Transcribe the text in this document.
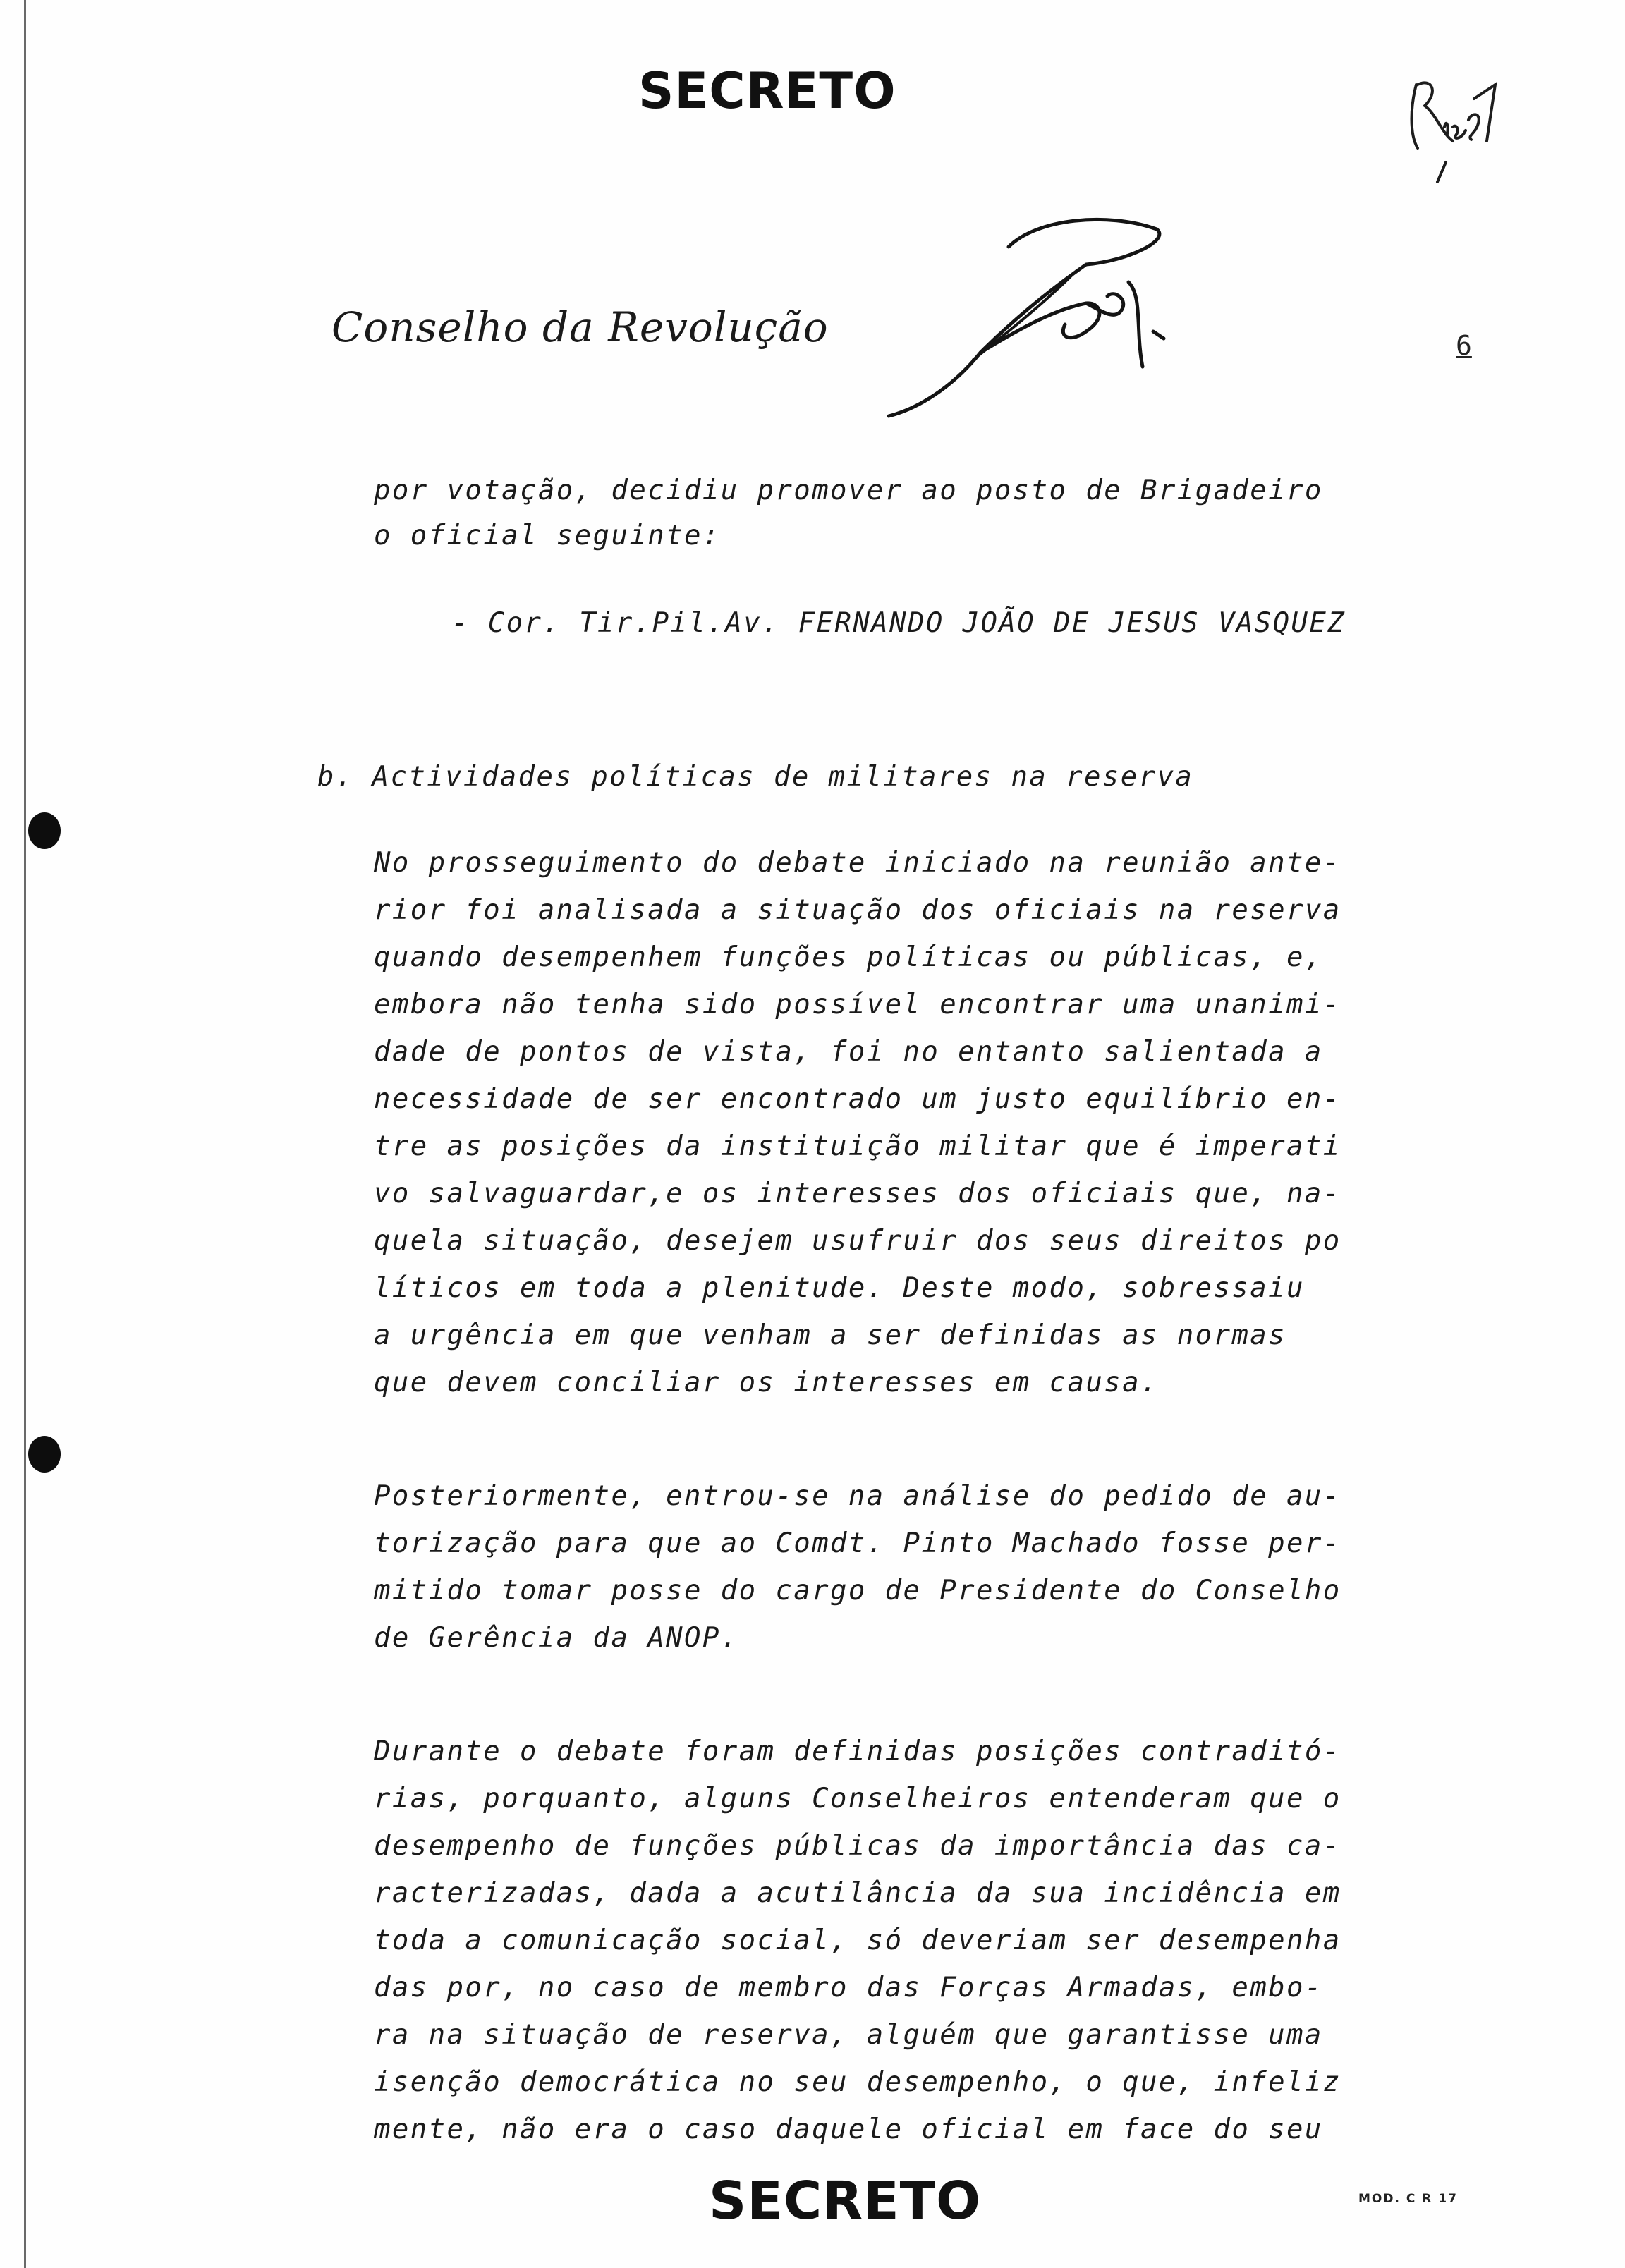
SECRETO
Conselho da Revolução	6
por votação, decidiu promover ao posto de Brigadeiro
o oficial seguinte:
- Cor. Tir.Pil.Av. FERNANDO JOÃO DE JESUS VASQUEZ
b. Actividades políticas de militares na reserva
No prosseguimento do debate iniciado na reunião ante-
rior foi analisada a situação dos oficiais na reserva
quando desempenhem funções políticas ou públicas, e,
embora não tenha sido possível encontrar uma unanimi-
dade de pontos de vista, foi no entanto salientada a
necessidade de ser encontrado um justo equilíbrio en-
tre as posições da instituição militar que é imperati
vo salvaguardar,e os interesses dos oficiais que, na-
quela situação, desejem usufruir dos seus direitos po
líticos em toda a plenitude. Deste modo, sobressaiu
a urgência em que venham a ser definidas as normas
que devem conciliar os interesses em causa.
Posteriormente, entrou-se na análise do pedido de au-
torização para que ao Comdt. Pinto Machado fosse per-
mitido tomar posse do cargo de Presidente do Conselho
de Gerência da ANOP.
Durante o debate foram definidas posições contraditó-
rias, porquanto, alguns Conselheiros entenderam que o
desempenho de funções públicas da importância das ca-
racterizadas, dada a acutilância da sua incidência em
toda a comunicação social, só deveriam ser desempenha
das por, no caso de membro das Forças Armadas, embo-
ra na situação de reserva, alguém que garantisse uma
isenção democrática no seu desempenho, o que, infeliz
mente, não era o caso daquele oficial em face do seu
SECRETO	MOD. C R 17
